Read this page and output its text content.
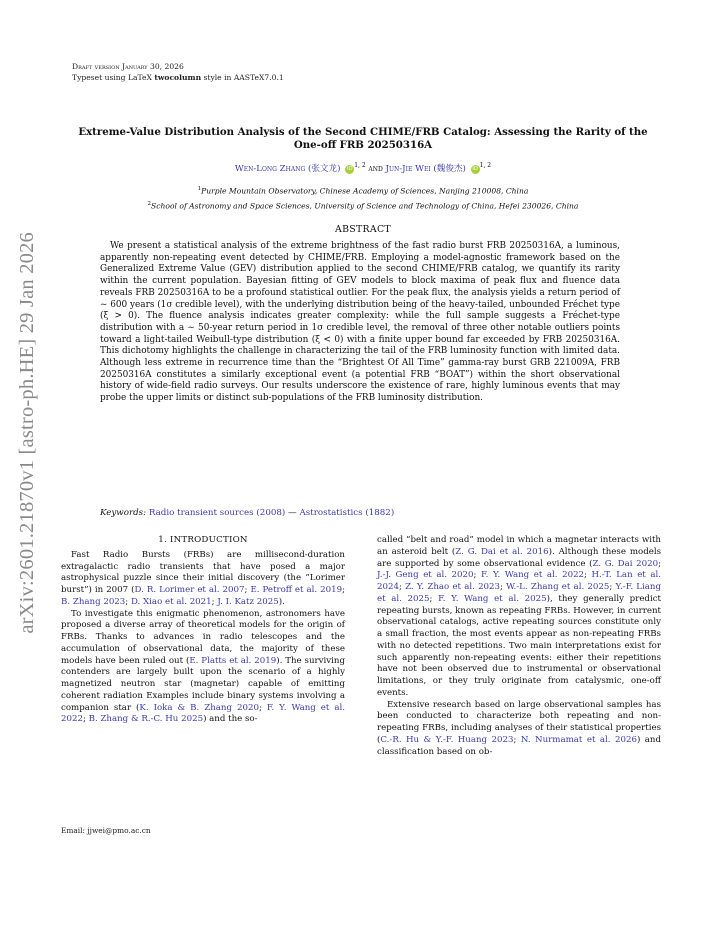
arXiv:2601.21870v1 [astro-ph.HE] 29 Jan 2026
Draft version January 30, 2026
Typeset using LaTeX twocolumn style in AASTeX7.0.1
Extreme-Value Distribution Analysis of the Second CHIME/FRB Catalog: Assessing the Rarity of the One-off FRB 20250316A
Wen-Long Zhang (张文龙) iD $^{1, 2}$ and Jun-Jie Wei (魏俊杰) iD $^{1, 2}$
$^1$Purple Mountain Observatory, Chinese Academy of Sciences, Nanjing 210008, China
$^2$School of Astronomy and Space Sciences, University of Science and Technology of China, Hefei 230026, China
ABSTRACT
We present a statistical analysis of the extreme brightness of the fast radio burst FRB 20250316A, a luminous, apparently non-repeating event detected by CHIME/FRB. Employing a model-agnostic framework based on the Generalized Extreme Value (GEV) distribution applied to the second CHIME/FRB catalog, we quantify its rarity within the current population. Bayesian fitting of GEV models to block maxima of peak flux and fluence data reveals FRB 20250316A to be a profound statistical outlier. For the peak flux, the analysis yields a return period of ∼ 600 years (1σ credible level), with the underlying distribution being of the heavy-tailed, unbounded Fréchet type (ξ > 0). The fluence analysis indicates greater complexity: while the full sample suggests a Fréchet-type distribution with a ∼ 50-year return period in 1σ credible level, the removal of three other notable outliers points toward a light-tailed Weibull-type distribution (ξ < 0) with a finite upper bound far exceeded by FRB 20250316A. This dichotomy highlights the challenge in characterizing the tail of the FRB luminosity function with limited data. Although less extreme in recurrence time than the “Brightest Of All Time” gamma-ray burst GRB 221009A, FRB 20250316A constitutes a similarly exceptional event (a potential FRB “BOAT”) within the short observational history of wide-field radio surveys. Our results underscore the existence of rare, highly luminous events that may probe the upper limits or distinct sub-populations of the FRB luminosity distribution.
Keywords: Radio transient sources (2008) — Astrostatistics (1882)
1. INTRODUCTION

Fast Radio Bursts (FRBs) are millisecond-duration extragalactic radio transients that have posed a major astrophysical puzzle since their initial discovery (the ”Lorimer burst”) in 2007 (D. R. Lorimer et al. 2007; E. Petroff et al. 2019; B. Zhang 2023; D. Xiao et al. 2021; J. I. Katz 2025).

To investigate this enigmatic phenomenon, astronomers have proposed a diverse array of theoretical models for the origin of FRBs. Thanks to advances in radio telescopes and the accumulation of observational data, the majority of these models have been ruled out (E. Platts et al. 2019). The surviving contenders are largely built upon the scenario of a highly magnetized neutron star (magnetar) capable of emitting coherent radiation Examples include binary systems involving a companion star (K. Ioka & B. Zhang 2020; F. Y. Wang et al. 2022; B. Zhang & R.-C. Hu 2025) and the so-

called “belt and road” model in which a magnetar interacts with an asteroid belt (Z. G. Dai et al. 2016). Although these models are supported by some observational evidence (Z. G. Dai 2020; J.-J. Geng et al. 2020; F. Y. Wang et al. 2022; H.-T. Lan et al. 2024; Z. Y. Zhao et al. 2023; W.-L. Zhang et al. 2025; Y.-F. Liang et al. 2025; F. Y. Wang et al. 2025), they generally predict repeating bursts, known as repeating FRBs. However, in current observational catalogs, active repeating sources constitute only a small fraction, the most events appear as non-repeating FRBs with no detected repetitions. Two main interpretations exist for such apparently non-repeating events: either their repetitions have not been observed due to instrumental or observational limitations, or they truly originate from catalysmic, one-off events.

Extensive research based on large observational samples has been conducted to characterize both repeating and non-repeating FRBs, including analyses of their statistical properties (C.-R. Hu & Y.-F. Huang 2023; N. Nurmamat et al. 2026) and classification based on ob-

Email: jjwei@pmo.ac.cn
